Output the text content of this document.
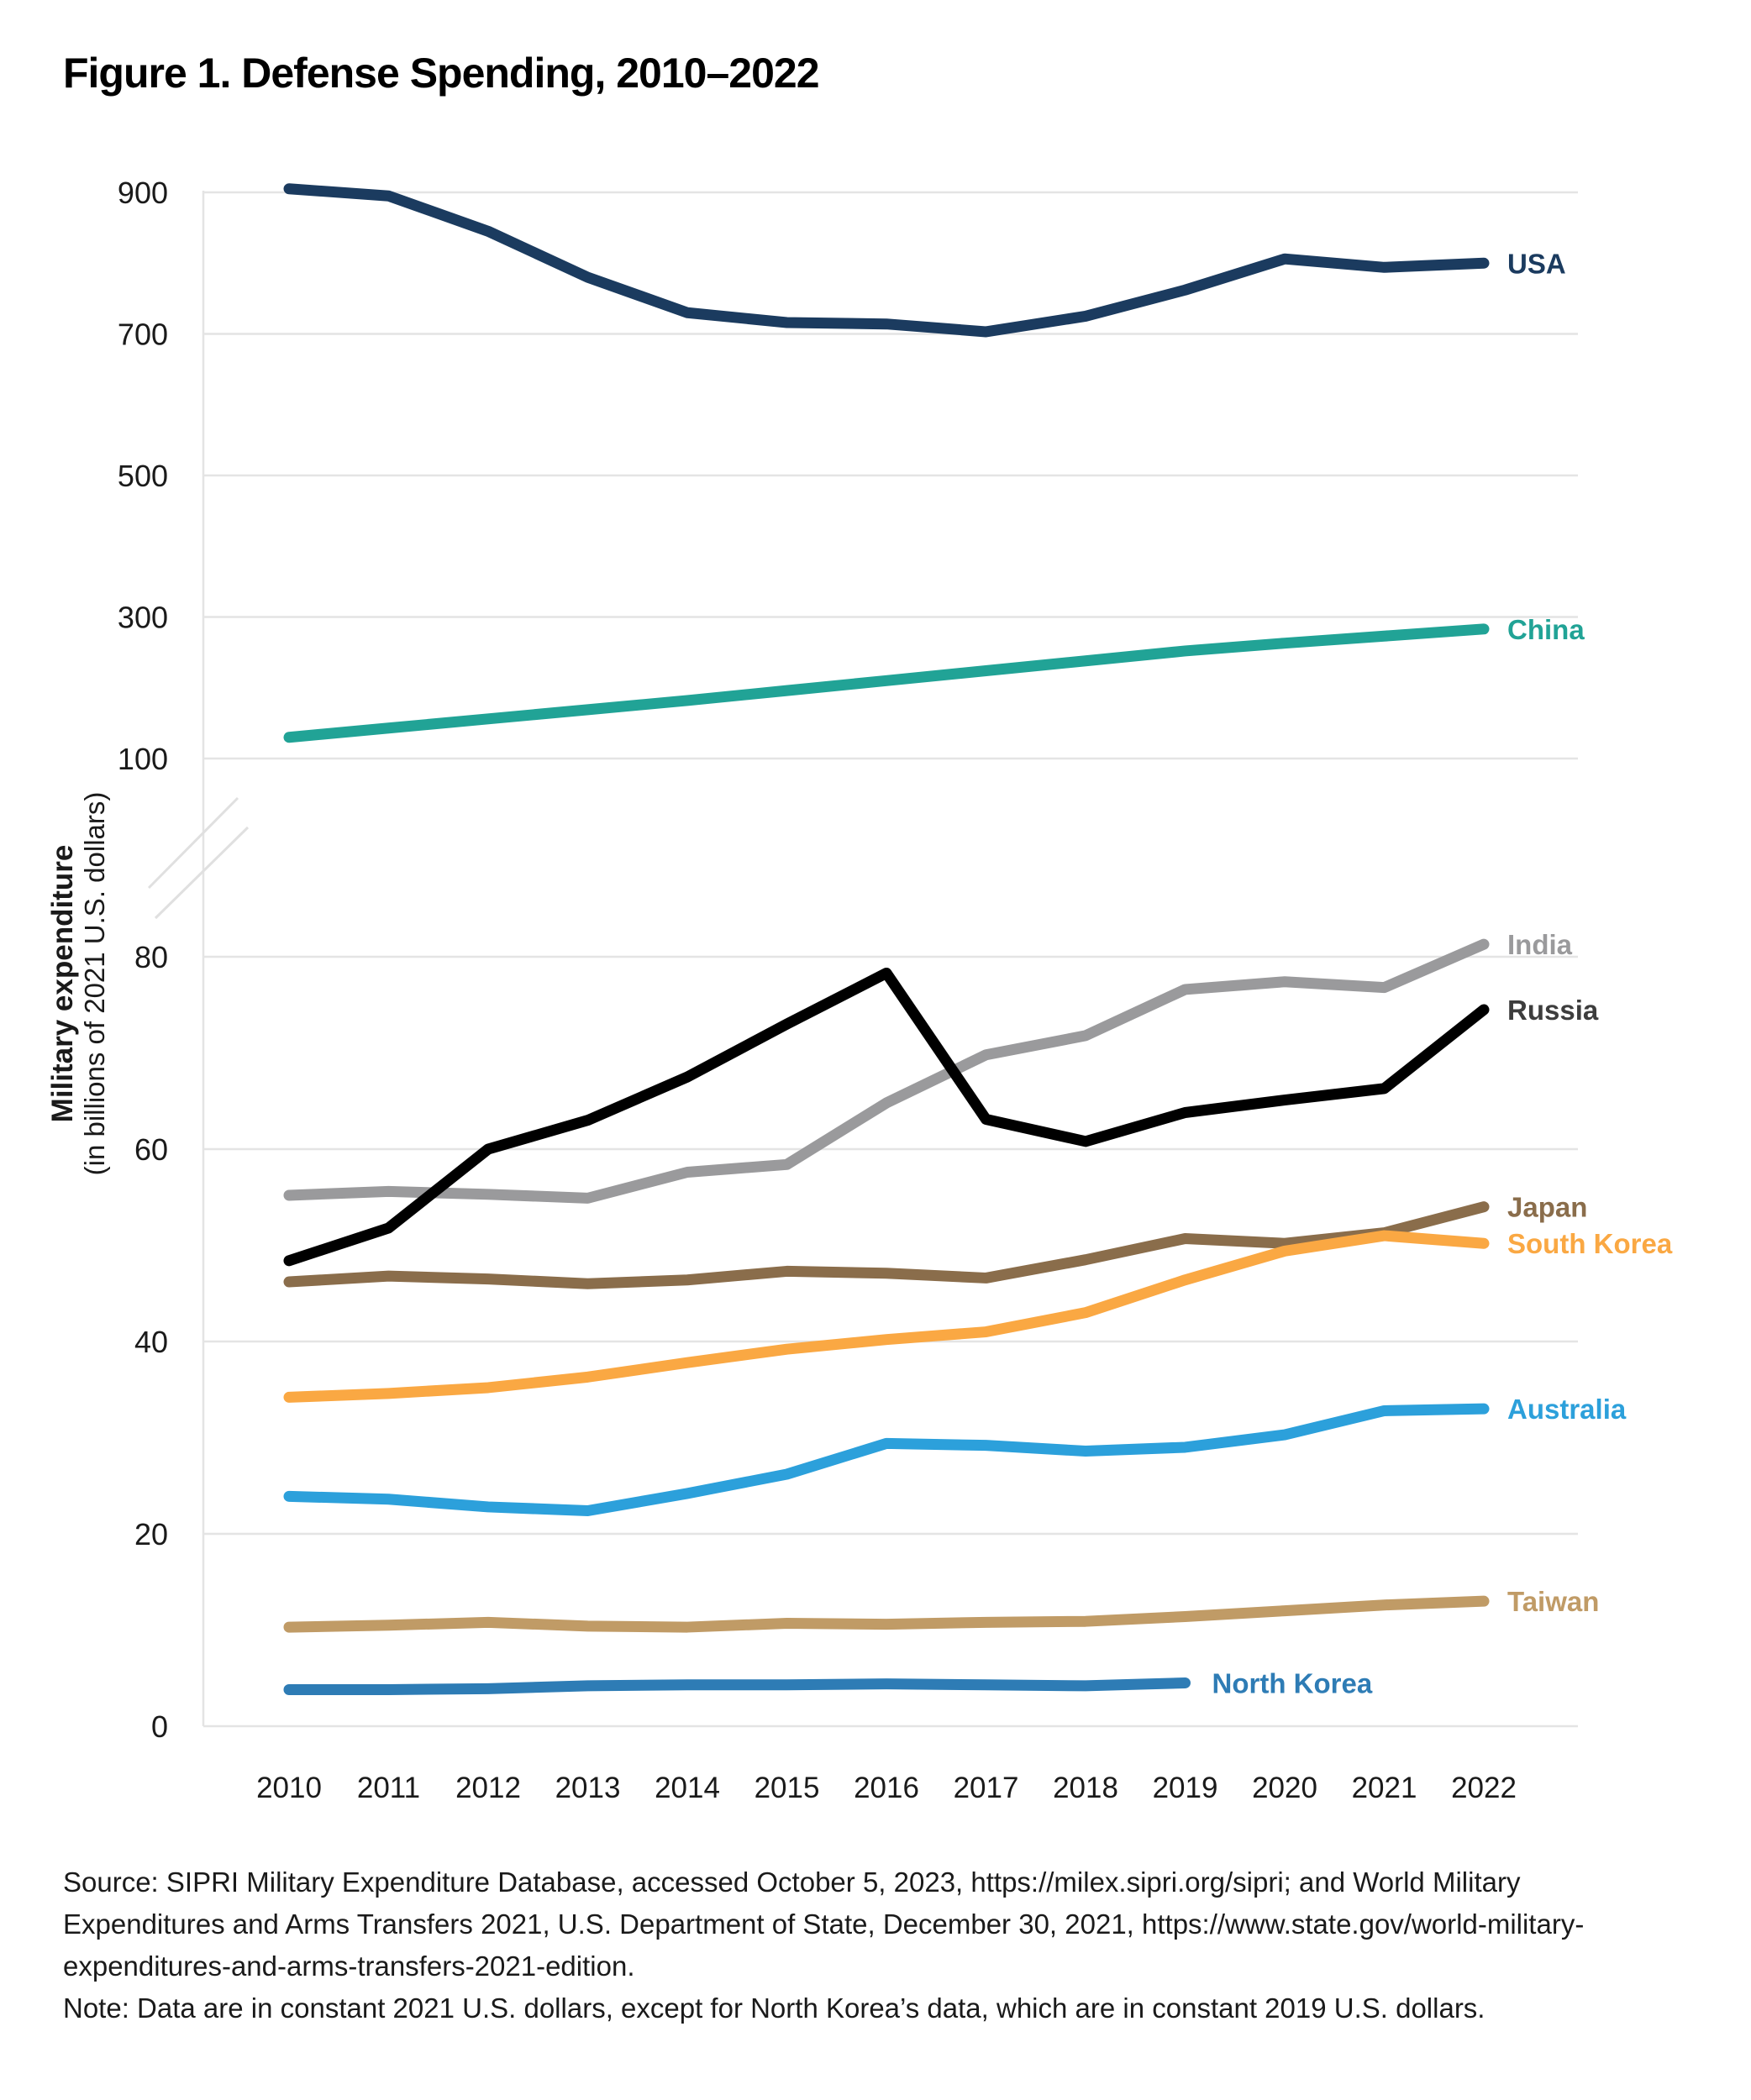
Figure 1. Defense Spending, 2010–2022
900
700
500
300
100
80
60
40
20
0
2010 2011 2012 2013 2014 2015 2016 2017 2018 2019 2020 2021 2022
USA
China
India
Russia
Japan
South Korea
Australia
Taiwan
North Korea
Military expenditure (in billions of 2021 U.S. dollars)
Source: SIPRI Military Expenditure Database, accessed October 5, 2023, https://milex.sipri.org/sipri; and World Military
Expenditures and Arms Transfers 2021, U.S. Department of State, December 30, 2021, https://www.state.gov/world-military-
expenditures-and-arms-transfers-2021-edition.
Note: Data are in constant 2021 U.S. dollars, except for North Korea’s data, which are in constant 2019 U.S. dollars.
